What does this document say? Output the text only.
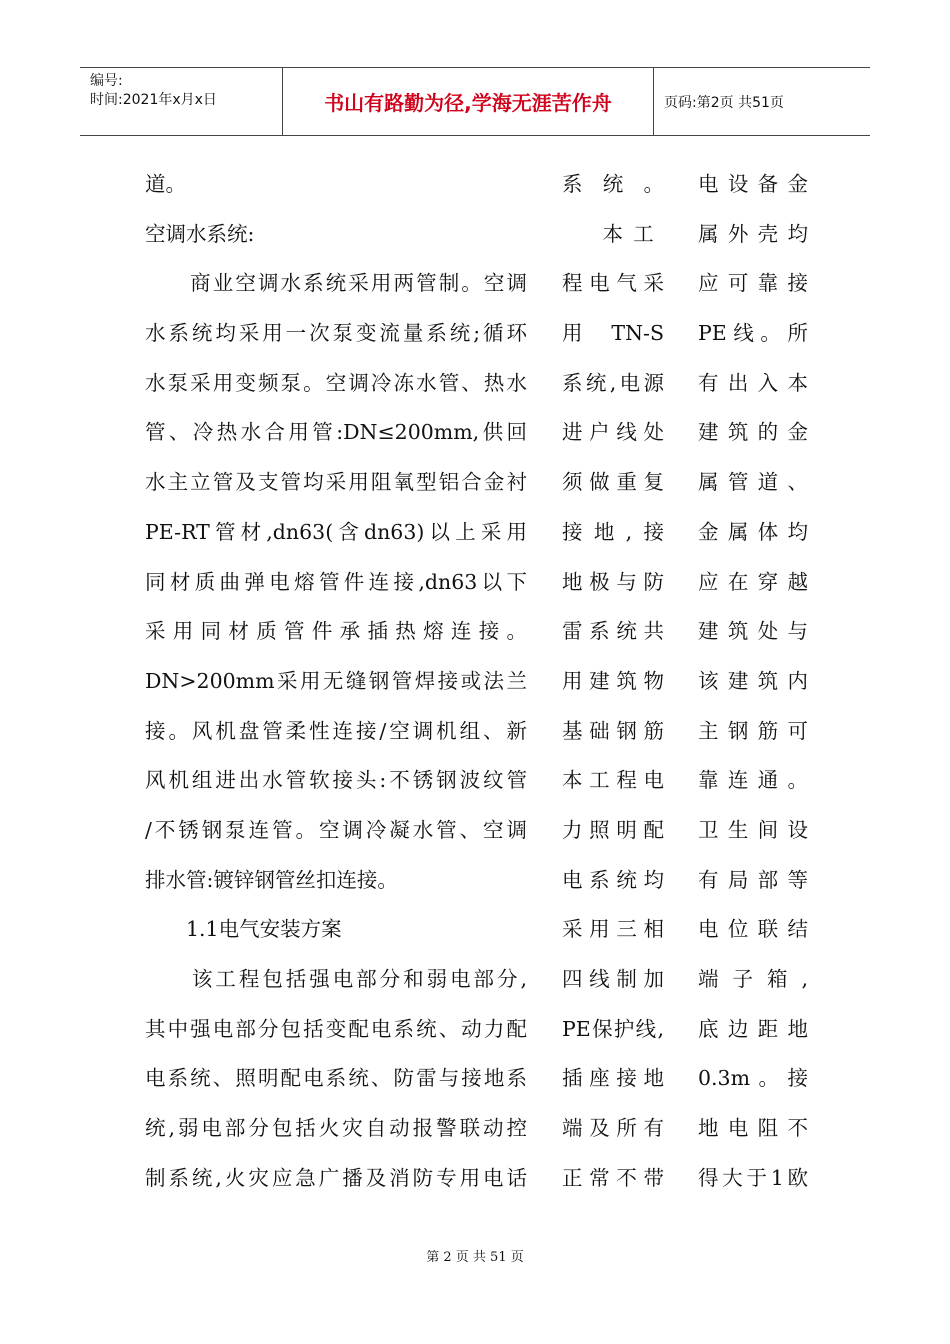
编号:
时间:2021年x月x日	书山有路勤为径,学海无涯苦作舟	页码:第2页 共51页
道。
空调水系统:
　　商业空调水系统采用两管制。空调
水系统均采用一次泵变流量系统;循环
水泵采用变频泵。空调冷冻水管、热水
管、冷热水合用管:DN≤200mm,供回
水主立管及支管均采用阻氧型铝合金衬
PE-RT管材,dn63(含dn63)以上采用
同材质曲弹电熔管件连接,dn63以下
采用同材质管件承插热熔连接。
DN>200mm采用无缝钢管焊接或法兰
接。风机盘管柔性连接/空调机组、新
风机组进出水管软接头:不锈钢波纹管
/不锈钢泵连管。空调冷凝水管、空调
排水管:镀锌钢管丝扣连接。
　　1.1电气安装方案
　　该工程包括强电部分和弱电部分,
其中强电部分包括变配电系统、动力配
电系统、照明配电系统、防雷与接地系
统,弱电部分包括火灾自动报警联动控
制系统,火灾应急广播及消防专用电话
系统。
本工
程电气采
用TN-S
系统,电源
进户线处
须做重复
接地,接
地极与防
雷系统共
用建筑物
基础钢筋
本工程电
力照明配
电系统均
采用三相
四线制加
PE保护线,
插座接地
端及所有
正常不带
电设备金
属外壳均
应可靠接
PE线。所
有出入本
建筑的金
属管道、
金属体均
应在穿越
建筑处与
该建筑内
主钢筋可
靠连通。
卫生间设
有局部等
电位联结
端子箱,
底边距地
0.3m。接
地电阻不
得大于1欧
第 2 页 共 51 页
